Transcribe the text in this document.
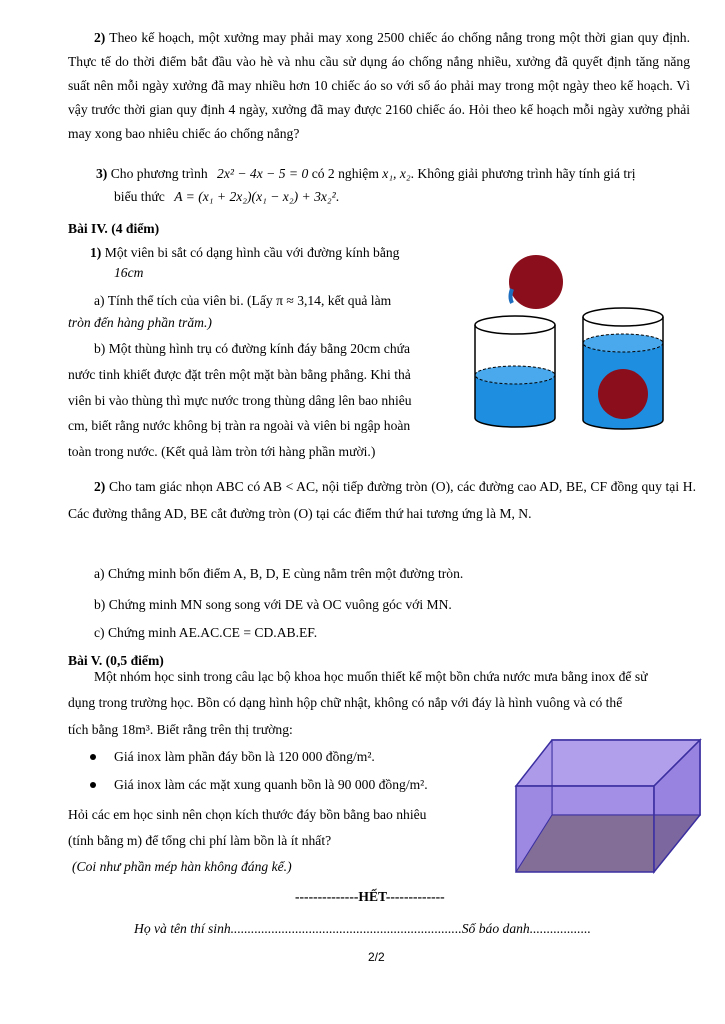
2) Theo kế hoạch, một xưởng may phải may xong 2500 chiếc áo chống nắng trong một thời gian quy định. Thực tế do thời điểm bắt đầu vào hè và nhu cầu sử dụng áo chống nắng nhiều, xưởng đã quyết định tăng năng suất nên mỗi ngày xưởng đã may nhiều hơn 10 chiếc áo so với số áo phải may trong một ngày theo kế hoạch. Vì vậy trước thời gian quy định 4 ngày, xưởng đã may được 2160 chiếc áo. Hỏi theo kế hoạch mỗi ngày xưởng phải may xong bao nhiêu chiếc áo chống nắng?
3) Cho phương trình 2x² − 4x − 5 = 0 có 2 nghiệm x₁, x₂. Không giải phương trình hãy tính giá trị
biểu thức A = (x₁ + 2x₂)(x₁ − x₂) + 3x₂².
Bài IV. (4 điểm)
1) Một viên bi sắt có dạng hình cầu với đường kính bằng
16cm
a) Tính thể tích của viên bi. (Lấy π ≈ 3,14, kết quả làm
tròn đến hàng phần trăm.)
b) Một thùng hình trụ có đường kính đáy bằng 20cm chứa
nước tinh khiết được đặt trên một mặt bàn bằng phẳng. Khi thả
viên bi vào thùng thì mực nước trong thùng dâng lên bao nhiêu
cm, biết rằng nước không bị tràn ra ngoài và viên bi ngập hoàn
toàn trong nước. (Kết quả làm tròn tới hàng phần mười.)
2) Cho tam giác nhọn ABC có AB < AC, nội tiếp đường tròn (O), các đường cao AD, BE, CF đồng quy tại H. Các đường thẳng AD, BE cắt đường tròn (O) tại các điểm thứ hai tương ứng là M, N.
a) Chứng minh bốn điểm A, B, D, E cùng nằm trên một đường tròn.
b) Chứng minh MN song song với DE và OC vuông góc với MN.
c) Chứng minh AE.AC.CE = CD.AB.EF.
Bài V. (0,5 điểm)
Một nhóm học sinh trong câu lạc bộ khoa học muốn thiết kế một bồn chứa nước mưa bằng inox để sử
dụng trong trường học. Bồn có dạng hình hộp chữ nhật, không có nắp với đáy là hình vuông và có thể
tích bằng 18m³. Biết rằng trên thị trường:
Giá inox làm phần đáy bồn là 120 000 đồng/m².
Giá inox làm các mặt xung quanh bồn là 90 000 đồng/m².
Hỏi các em học sinh nên chọn kích thước đáy bồn bằng bao nhiêu
(tính bằng m) để tổng chi phí làm bồn là ít nhất?
(Coi như phần mép hàn không đáng kể.)
--------------HẾT-------------
Họ và tên thí sinh....................................................................Số báo danh..................
2/2
